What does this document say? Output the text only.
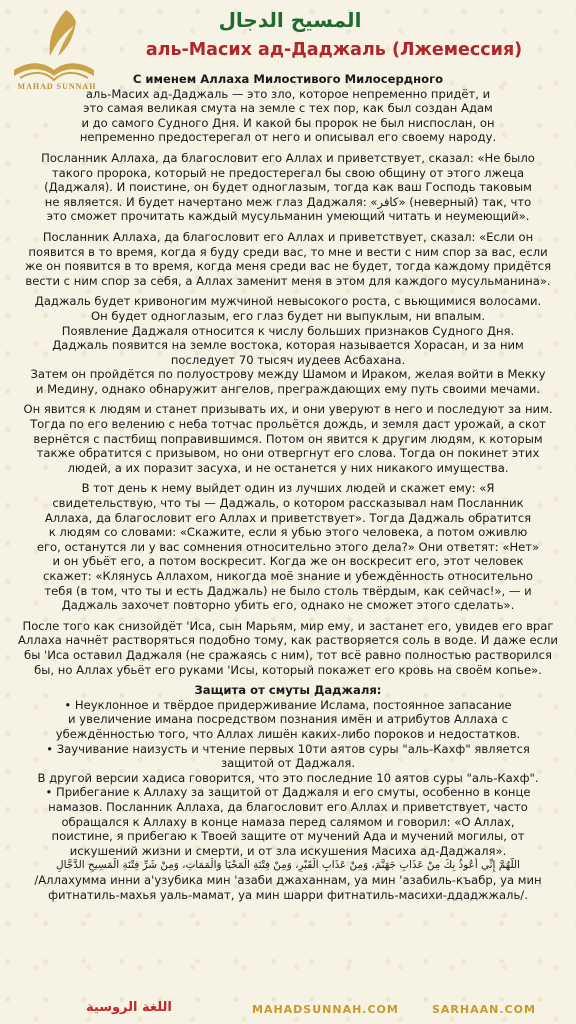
MAHAD SUNNAH
المسيح الدجال
аль-Масих ад-Даджаль (Лжемессия)
С именем Аллаха Милостивого Милосердного
аль-Масих ад-Даджаль — это зло, которое непременно придёт, и
это самая великая смута на земле с тех пор, как был создан Адам
и до самого Судного Дня. И какой бы пророк не был ниспослан, он
непременно предостерегал от него и описывал его своему народу.
Посланник Аллаха, да благословит его Аллах и приветствует, сказал: «Не было
такого пророка, который не предостерегал бы свою общину от этого лжеца
(Даджаля). И поистине, он будет одноглазым, тогда как ваш Господь таковым
не является. И будет начертано меж глаз Даджаля: «كافر» (неверный) так, что
это сможет прочитать каждый мусульманин умеющий читать и неумеющий».
Посланник Аллаха, да благословит его Аллах и приветствует, сказал: «Если он
появится в то время, когда я буду среди вас, то мне и вести с ним спор за вас, если
же он появится в то время, когда меня среди вас не будет, тогда каждому придётся
вести с ним спор за себя, а Аллах заменит меня в этом для каждого мусульманина».
Даджаль будет кривоногим мужчиной невысокого роста, с вьющимися волосами.
Он будет одноглазым, его глаз будет ни выпуклым, ни впалым.
Появление Даджаля относится к числу больших признаков Судного Дня.
Даджаль появится на земле востока, которая называется Хорасан, и за ним
последует 70 тысяч иудеев Асбахана.
Затем он пройдётся по полуострову между Шамом и Ираком, желая войти в Мекку
и Медину, однако обнаружит ангелов, преграждающих ему путь своими мечами.
Он явится к людям и станет призывать их, и они уверуют в него и последуют за ним.
Тогда по его велению с неба тотчас прольётся дождь, и земля даст урожай, а скот
вернётся с пастбищ поправившимся. Потом он явится к другим людям, к которым
также обратится с призывом, но они отвергнут его слова. Тогда он покинет этих
людей, а их поразит засуха, и не останется у них никакого имущества.
В тот день к нему выйдет один из лучших людей и скажет ему: «Я
свидетельствую, что ты — Даджаль, о котором рассказывал нам Посланник
Аллаха, да благословит его Аллах и приветствует». Тогда Даджаль обратится
к людям со словами: «Скажите, если я убью этого человека, а потом оживлю
его, останутся ли у вас сомнения относительно этого дела?» Они ответят: «Нет»
и он убьёт его, а потом воскресит. Когда же он воскресит его, этот человек
скажет: «Клянусь Аллахом, никогда моё знание и убеждённость относительно
тебя (в том, что ты и есть Даджаль) не было столь твёрдым, как сейчас!», — и
Даджаль захочет повторно убить его, однако не сможет этого сделать».
После того как снизойдёт 'Иса, сын Марьям, мир ему, и застанет его, увидев его враг
Аллаха начнёт растворяться подобно тому, как растворяется соль в воде. И даже если
бы 'Иса оставил Даджаля (не сражаясь с ним), тот всё равно полностью растворился
бы, но Аллах убьёт его руками 'Исы, который покажет его кровь на своём копье».
Защита от смуты Даджаля:
• Неуклонное и твёрдое придерживание Ислама, постоянное запасание
и увеличение имана посредством познания имён и атрибутов Аллаха с
убеждённостью того, что Аллах лишён каких-либо пороков и недостатков.
• Заучивание наизусть и чтение первых 10ти аятов суры "аль-Кахф" является
защитой от Даджаля.
В другой версии хадиса говорится, что это последние 10 аятов суры "аль-Кахф".
• Прибегание к Аллаху за защитой от Даджаля и его смуты, особенно в конце
намазов. Посланник Аллаха, да благословит его Аллах и приветствует, часто
обращался к Аллаху в конце намаза перед салямом и говорил: «О Аллах,
поистине, я прибегаю к Твоей защите от мучений Ада и мучений могилы, от
искушений жизни и смерти, и от зла искушения Масиха ад-Даджаля».
اللَّهُمَّ إِنِّي أَعُوذُ بِكَ مِنْ عَذَابِ جَهَنَّمَ، وَمِنْ عَذَابِ الْقَبْرِ، وَمِنْ فِتْنَةِ الْمَحْيَا وَالْمَمَاتِ، وَمِنْ شَرِّ فِتْنَةِ الْمَسِيحِ الدَّجَّالِ
/Аллахумма инни а'узубика мин 'азаби джаханнам, уа мин 'азабиль-къабр, уа мин
фитнатиль-махья уаль-мамат, уа мин шарри фитнатиль-масихи-ддаджжаль/.
اللغة الروسية	MAHADSUNNAH.COM	SARHAAN.COM
